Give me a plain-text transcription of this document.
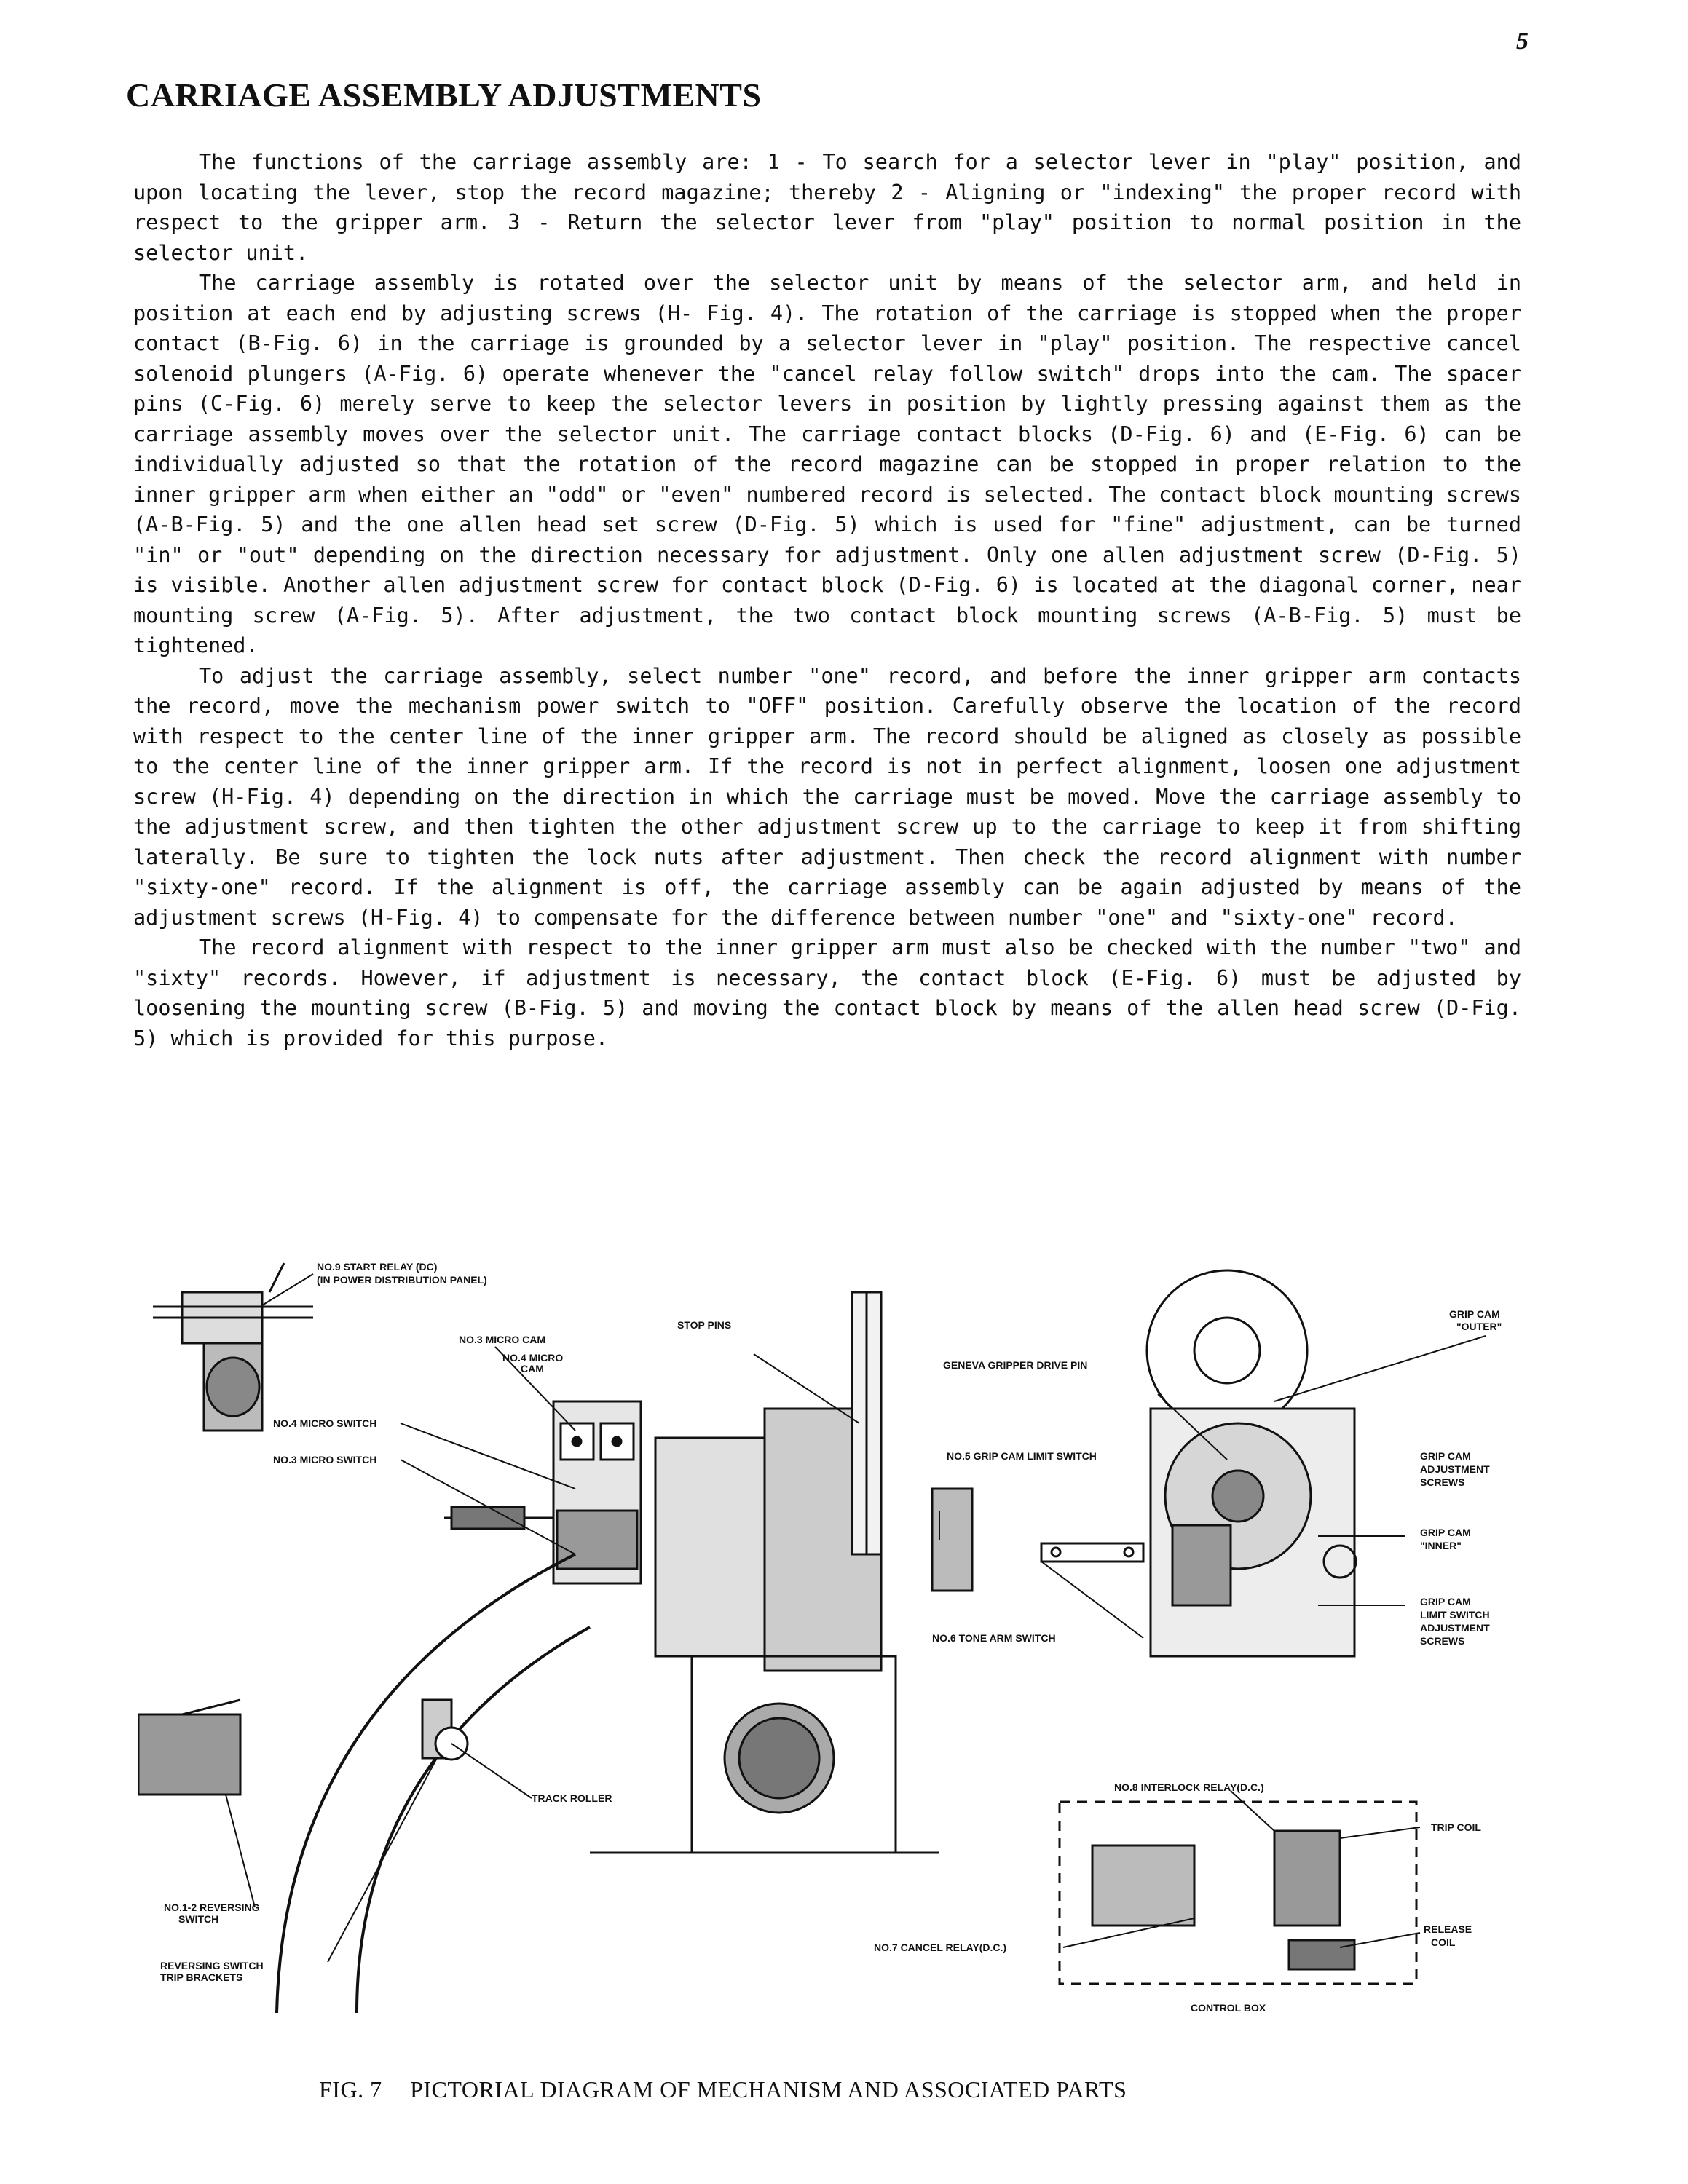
5
CARRIAGE ASSEMBLY ADJUSTMENTS

The functions of the carriage assembly are: 1 - To search for a selector lever in "play" position, and upon locating the lever, stop the record magazine; thereby 2 - Aligning or "indexing" the proper record with respect to the gripper arm. 3 - Return the selector lever from "play" position to normal position in the selector unit.

The carriage assembly is rotated over the selector unit by means of the selector arm, and held in position at each end by adjusting screws (H- Fig. 4). The rotation of the carriage is stopped when the proper contact (B-Fig. 6) in the carriage is grounded by a selector lever in "play" position. The respective cancel solenoid plungers (A-Fig. 6) operate whenever the "cancel relay follow switch" drops into the cam. The spacer pins (C-Fig. 6) merely serve to keep the selector levers in position by lightly pressing against them as the carriage assembly moves over the selector unit. The carriage contact blocks (D-Fig. 6) and (E-Fig. 6) can be individually adjusted so that the rotation of the record magazine can be stopped in proper relation to the inner gripper arm when either an "odd" or "even" numbered record is selected. The contact block mounting screws (A-B-Fig. 5) and the one allen head set screw (D-Fig. 5) which is used for "fine" adjustment, can be turned "in" or "out" depending on the direction necessary for adjustment. Only one allen adjustment screw (D-Fig. 5) is visible. Another allen adjustment screw for contact block (D-Fig. 6) is located at the diagonal corner, near mounting screw (A-Fig. 5). After adjustment, the two contact block mounting screws (A-B-Fig. 5) must be tightened.

To adjust the carriage assembly, select number "one" record, and before the inner gripper arm contacts the record, move the mechanism power switch to "OFF" position. Carefully observe the location of the record with respect to the center line of the inner gripper arm. The record should be aligned as closely as possible to the center line of the inner gripper arm. If the record is not in perfect alignment, loosen one adjustment screw (H-Fig. 4) depending on the direction in which the carriage must be moved. Move the carriage assembly to the adjustment screw, and then tighten the other adjustment screw up to the carriage to keep it from shifting laterally. Be sure to tighten the lock nuts after adjustment. Then check the record alignment with number "sixty-one" record. If the alignment is off, the carriage assembly can be again adjusted by means of the adjustment screws (H-Fig. 4) to compensate for the difference between number "one" and "sixty-one" record.

The record alignment with respect to the inner gripper arm must also be checked with the number "two" and "sixty" records. However, if adjustment is necessary, the contact block (E-Fig. 6) must be adjusted by loosening the mounting screw (B-Fig. 5) and moving the contact block by means of the allen head screw (D-Fig. 5) which is provided for this purpose.

NO.9 START RELAY (DC)
(IN POWER DISTRIBUTION PANEL)
NO.3 MICRO CAM
NO.4 MICRO
CAM
STOP PINS
GENEVA GRIPPER DRIVE PIN
GRIP CAM
"OUTER"
NO.4 MICRO SWITCH
NO.3 MICRO SWITCH	NO.5 GRIP CAM LIMIT SWITCH	GRIP CAM
ADJUSTMENT
SCREWS
GRIP CAM
"INNER"
GRIP CAM
LIMIT SWITCH
ADJUSTMENT
SCREWS
NO.6 TONE ARM SWITCH
NO.8 INTERLOCK RELAY(D.C.)
TRACK ROLLER
TRIP COIL
NO.1-2 REVERSING
SWITCH
RELEASE
COIL
REVERSING SWITCH
TRIP BRACKETS
NO.7 CANCEL RELAY(D.C.)
CONTROL BOX
FIG. 7 PICTORIAL DIAGRAM OF MECHANISM AND ASSOCIATED PARTS
